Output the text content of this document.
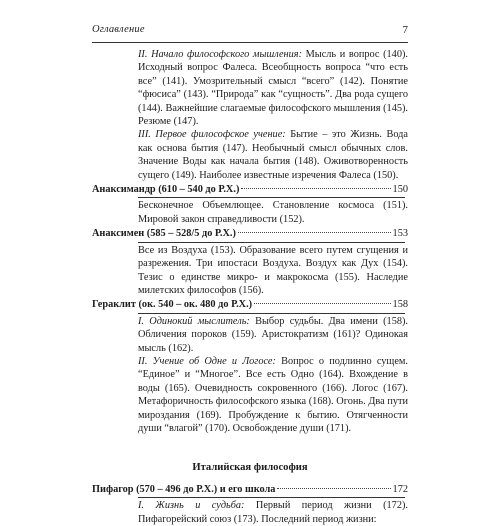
Оглавление	7
II. Начало философского мышления: Мысль и вопрос (140). Исходный вопрос Фалеса. Всеобщность вопроса “что есть все” (141). Умозрительный смысл “всего” (142). Понятие “фюсиса” (143). “Природа” как “сущность”. Два рода сущего (144). Важнейшие слагаемые философского мышления (145). Резюме (147).
III. Первое философское учение: Бытие – это Жизнь. Вода как основа бытия (147). Необычный смысл обычных слов. Значение Воды как начала бытия (148). Оживотворенность сущего (149). Наиболее известные изречения Фалеса (150).
Анаксимандр (610 – 540 до Р.Х.)	150
Бесконечное Объемлющее. Становление космоса (151). Мировой закон справедливости (152).
Анаксимен (585 – 528/5 до Р.Х.)	153
Все из Воздуха (153). Образование всего путем сгущения и разрежения. Три ипостаси Воздуха. Воздух как Дух (154). Тезис о единстве микро- и макрокосма (155). Наследие милетских философов (156).
Гераклит (ок. 540 – ок. 480 до Р.Х.)	158
I. Одинокий мыслитель: Выбор судьбы. Два имени (158). Обличения пороков (159). Аристократизм (161)? Одинокая мысль (162).
II. Учение об Одне и Логосе: Вопрос о подлинно сущем. “Единое” и “Многое”. Все есть Одно (164). Вхождение в воды (165). Очевидность сокровенного (166). Логос (167). Метафоричность философского языка (168). Огонь. Два пути мироздания (169). Пробуждение к бытию. Отягченности души “влагой” (170). Освобождение души (171).
Италийская философия
Пифагор (570 – 496 до Р.Х.) и его школа	172
I. Жизнь и судьба: Первый период жизни (172). Пифагорейский союз (173). Последний период жизни:
